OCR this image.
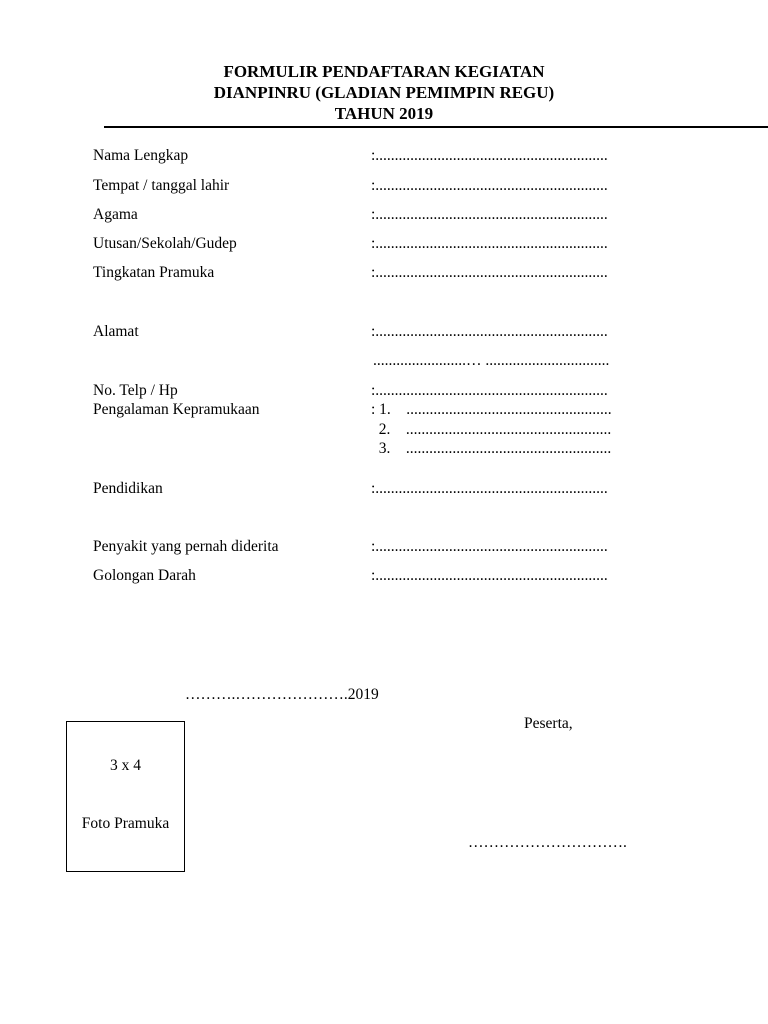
FORMULIR PENDAFTARAN KEGIATAN
DIANPINRU (GLADIAN PEMIMPIN REGU)
TAHUN 2019
Nama Lengkap	:............................................................
Tempat / tanggal lahir	:............................................................
Agama	:............................................................
Utusan/Sekolah/Gudep	:............................................................
Tingkatan Pramuka	:............................................................
Alamat	:............................................................
........................… ................................
No. Telp / Hp	:............................................................
Pengalaman Kepramukaan	: 1.    .....................................................
2.    .....................................................
3.    .....................................................
Pendidikan	:............................................................
Penyakit yang pernah diderita	:............................................................
Golongan Darah	:............................................................
……….………………….2019
Peserta,
………………………….
3 x 4
Foto Pramuka
